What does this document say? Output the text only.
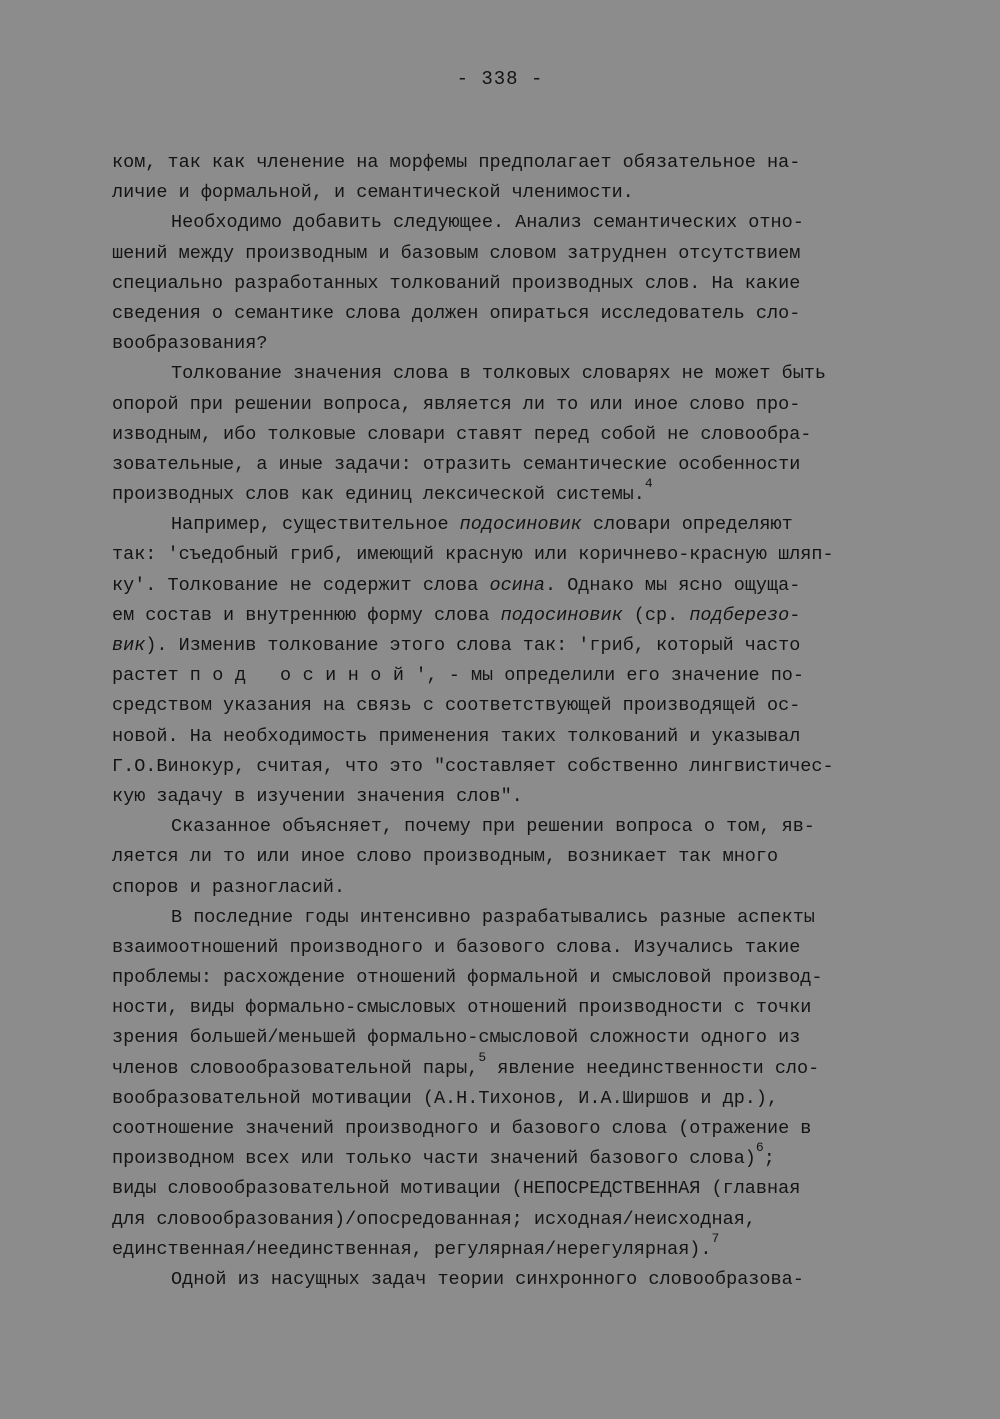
- 338 -
ком, так как членение на морфемы предполагает обязательное на-
личие и формальной, и семантической членимости.
Необходимо добавить следующее. Анализ семантических отно-
шений между производным и базовым словом затруднен отсутствием
специально разработанных толкований производных слов. На какие
сведения о семантике слова должен опираться исследователь сло-
вообразования?
Толкование значения слова в толковых словарях не может быть
опорой при решении вопроса, является ли то или иное слово про-
изводным, ибо толковые словари ставят перед собой не словообра-
зовательные, а иные задачи: отразить семантические особенности
производных слов как единиц лексической системы.$^4$
Например, существительное подосиновик словари определяют
так: 'съедобный гриб, имеющий красную или коричнево-красную шляп-
ку'. Толкование не содержит слова осина. Однако мы ясно ощуща-
ем состав и внутреннюю форму слова подосиновик (ср. подберезо-
вик). Изменив толкование этого слова так: 'гриб, который часто
растет под осиной', - мы определили его значение по-
средством указания на связь с соответствующей производящей ос-
новой. На необходимость применения таких толкований и указывал
Г.О.Винокур, считая, что это "составляет собственно лингвистичес-
кую задачу в изучении значения слов".
Сказанное объясняет, почему при решении вопроса о том, яв-
ляется ли то или иное слово производным, возникает так много
споров и разногласий.
В последние годы интенсивно разрабатывались разные аспекты
взаимоотношений производного и базового слова. Изучались такие
проблемы: расхождение отношений формальной и смысловой производ-
ности, виды формально-смысловых отношений производности с точки
зрения большей/меньшей формально-смысловой сложности одного из
членов словообразовательной пары,$^5$ явление неединственности сло-
вообразовательной мотивации (А.Н.Тихонов, И.А.Ширшов и др.),
соотношение значений производного и базового слова (отражение в
производном всех или только части значений базового слова)$^6$;
виды словообразовательной мотивации (НЕПОСРЕДСТВЕННАЯ (главная
для словообразования)/опосредованная; исходная/неисходная,
единственная/неединственная, регулярная/нерегулярная).$^7$
Одной из насущных задач теории синхронного словообразова-
